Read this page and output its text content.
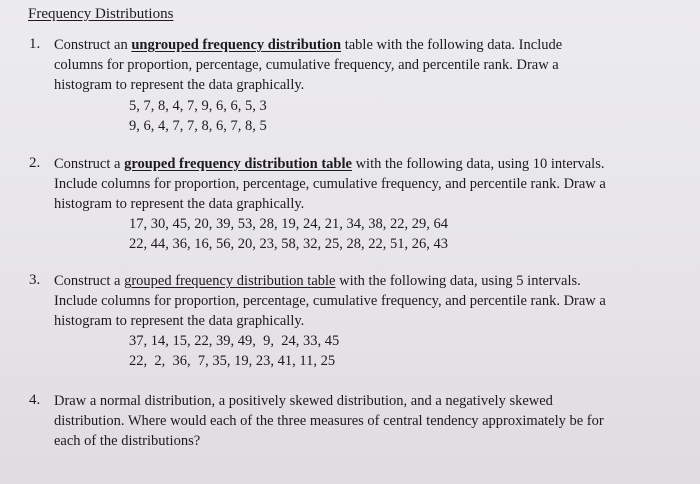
Frequency Distributions
1. Construct an ungrouped frequency distribution table with the following data. Include
columns for proportion, percentage, cumulative frequency, and percentile rank. Draw a
histogram to represent the data graphically.
5, 7, 8, 4, 7, 9, 6, 6, 5, 3
9, 6, 4, 7, 7, 8, 6, 7, 8, 5
2. Construct a grouped frequency distribution table with the following data, using 10 intervals.
Include columns for proportion, percentage, cumulative frequency, and percentile rank. Draw a
histogram to represent the data graphically.
17, 30, 45, 20, 39, 53, 28, 19, 24, 21, 34, 38, 22, 29, 64
22, 44, 36, 16, 56, 20, 23, 58, 32, 25, 28, 22, 51, 26, 43
3. Construct a grouped frequency distribution table with the following data, using 5 intervals.
Include columns for proportion, percentage, cumulative frequency, and percentile rank. Draw a
histogram to represent the data graphically.
37, 14, 15, 22, 39, 49,  9,  24, 33, 45
22,  2,  36,  7, 35, 19, 23, 41, 11, 25
4. Draw a normal distribution, a positively skewed distribution, and a negatively skewed
distribution. Where would each of the three measures of central tendency approximately be for
each of the distributions?
